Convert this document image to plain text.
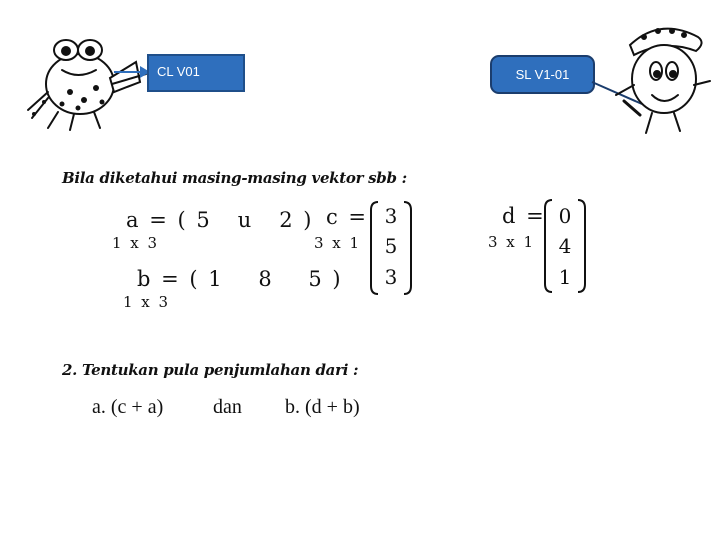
CL V01	SL V1-01
Bila diketahui masing-masing vektor sbb :
a = ( 5   u   2 )
1 x 3
b = ( 1    8    5 )
1 x 3
c =
3 x 1
3
5
3
d =
3 x 1
0
4
1
2. Tentukan pula penjumlahan dari :
a. (c + a) dan b. (d + b)
